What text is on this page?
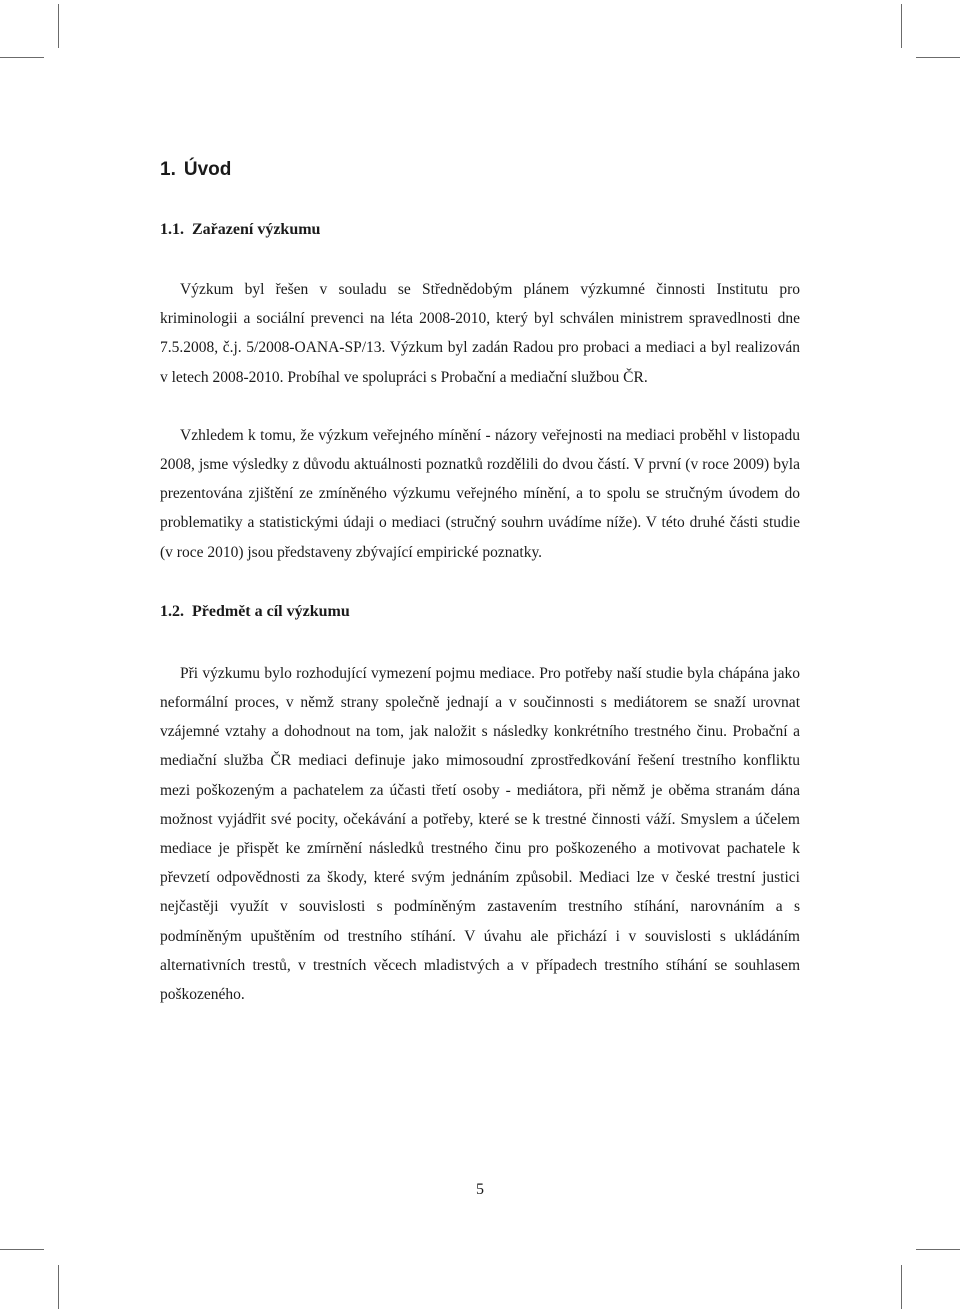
1. Úvod
1.1. Zařazení výzkumu

Výzkum byl řešen v souladu se Střednědobým plánem výzkumné činnosti Institutu pro kriminologii a sociální prevenci na léta 2008-2010, který byl schválen ministrem spravedlnosti dne 7.5.2008, č.j. 5/2008-OANA-SP/13. Výzkum byl zadán Radou pro probaci a mediaci a byl realizován v letech 2008-2010. Probíhal ve spolupráci s Probační a mediační službou ČR.

Vzhledem k tomu, že výzkum veřejného mínění - názory veřejnosti na mediaci proběhl v listopadu 2008, jsme výsledky z důvodu aktuálnosti poznatků rozdělili do dvou částí. V první (v roce 2009) byla prezentována zjištění ze zmíněného výzkumu veřejného mínění, a to spolu se stručným úvodem do problematiky a statistickými údaji o mediaci (stručný souhrn uvádíme níže). V této druhé části studie (v roce 2010) jsou představeny zbývající empirické poznatky.

1.2. Předmět a cíl výzkumu

Při výzkumu bylo rozhodující vymezení pojmu mediace. Pro potřeby naší studie byla chápána jako neformální proces, v němž strany společně jednají a v součinnosti s mediátorem se snaží urovnat vzájemné vztahy a dohodnout na tom, jak naložit s následky konkrétního trestného činu. Probační a mediační služba ČR mediaci definuje jako mimosoudní zprostředkování řešení trestního konfliktu mezi poškozeným a pachatelem za účasti třetí osoby - mediátora, při němž je oběma stranám dána možnost vyjádřit své pocity, očekávání a potřeby, které se k trestné činnosti váží. Smyslem a účelem mediace je přispět ke zmírnění následků trestného činu pro poškozeného a motivovat pachatele k převzetí odpovědnosti za škody, které svým jednáním způsobil. Mediaci lze v české trestní justici nejčastěji využít v souvislosti s podmíněným zastavením trestního stíhání, narovnáním a s podmíněným upuštěním od trestního stíhání. V úvahu ale přichází i v souvislosti s ukládáním alternativních trestů, v trestních věcech mladistvých a v případech trestního stíhání se souhlasem poškozeného.

5
